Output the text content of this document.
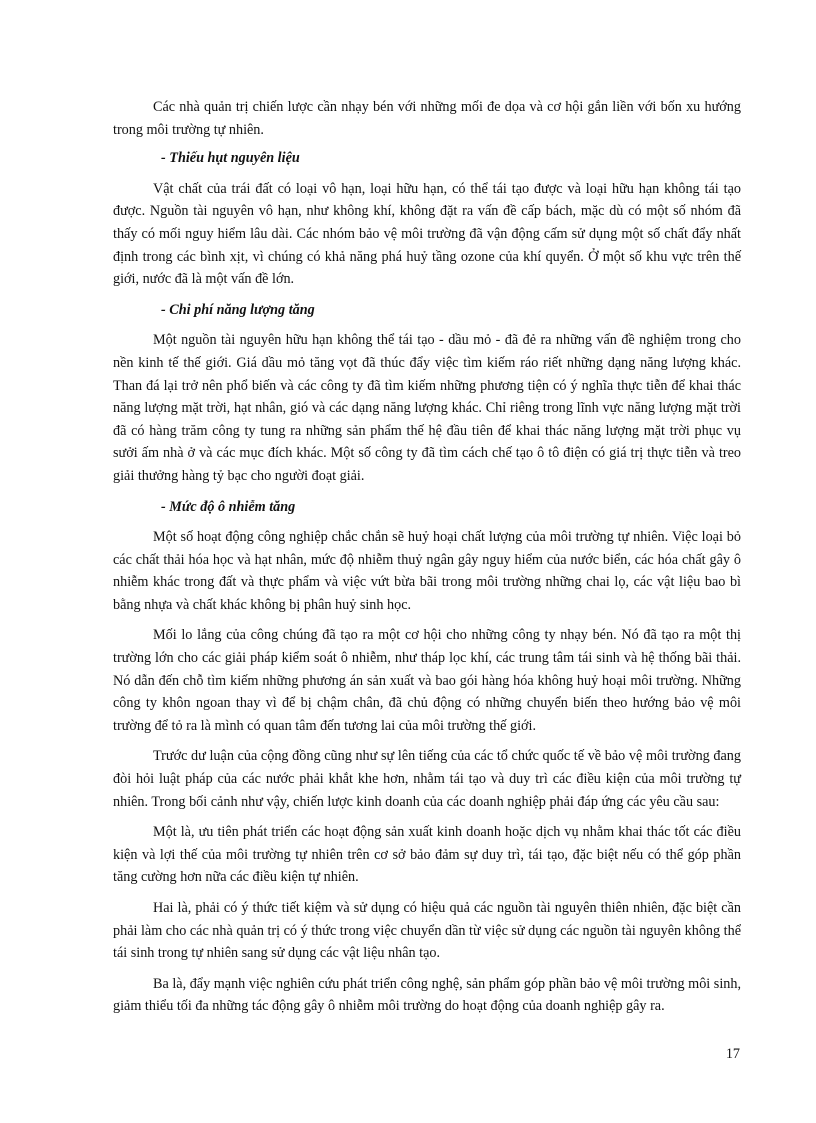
Các nhà quản trị chiến lược cần nhạy bén với những mối đe dọa và cơ hội gắn liền với bốn xu hướng trong môi trường tự nhiên.

- Thiếu hụt nguyên liệu

Vật chất của trái đất có loại vô hạn, loại hữu hạn, có thể tái tạo được và loại hữu hạn không tái tạo được. Nguồn tài nguyên vô hạn, như không khí, không đặt ra vấn đề cấp bách, mặc dù có một số nhóm đã thấy có mối nguy hiểm lâu dài. Các nhóm bảo vệ môi trường đã vận động cấm sử dụng một số chất đẩy nhất định trong các bình xịt, vì chúng có khả năng phá huỷ tầng ozone của khí quyển. Ở một số khu vực trên thế giới, nước đã là một vấn đề lớn.

- Chi phí năng lượng tăng

Một nguồn tài nguyên hữu hạn không thể tái tạo - dầu mỏ - đã đẻ ra những vấn đề nghiệm trong cho nền kinh tế thế giới. Giá dầu mỏ tăng vọt đã thúc đẩy việc tìm kiếm ráo riết những dạng năng lượng khác. Than đá lại trở nên phổ biến và các công ty đã tìm kiếm những phương tiện có ý nghĩa thực tiễn để khai thác năng lượng mặt trời, hạt nhân, gió và các dạng năng lượng khác. Chỉ riêng trong lĩnh vực năng lượng mặt trời đã có hàng trăm công ty tung ra những sản phẩm thế hệ đầu tiên để khai thác năng lượng mặt trời phục vụ sưởi ấm nhà ở và các mục đích khác. Một số công ty đã tìm cách chế tạo ô tô điện có giá trị thực tiễn và treo giải thưởng hàng tỷ bạc cho người đoạt giải.

- Mức độ ô nhiễm tăng

Một số hoạt động công nghiệp chắc chắn sẽ huỷ hoại chất lượng của môi trường tự nhiên. Việc loại bỏ các chất thải hóa học và hạt nhân, mức độ nhiễm thuỷ ngân gây nguy hiểm của nước biển, các hóa chất gây ô nhiễm khác trong đất và thực phẩm và việc vứt bừa bãi trong môi trường những chai lọ, các vật liệu bao bì bằng nhựa và chất khác không bị phân huỷ sinh học.

Mối lo lắng của công chúng đã tạo ra một cơ hội cho những công ty nhạy bén. Nó đã tạo ra một thị trường lớn cho các giải pháp kiểm soát ô nhiễm, như tháp lọc khí, các trung tâm tái sinh và hệ thống bãi thải. Nó dẫn đến chỗ tìm kiếm những phương án sản xuất và bao gói hàng hóa không huỷ hoại môi trường. Những công ty khôn ngoan thay vì để bị chậm chân, đã chủ động có những chuyển biến theo hướng bảo vệ môi trường để tỏ ra là mình có quan tâm đến tương lai của môi trường thế giới.

Trước dư luận của cộng đồng cũng như sự lên tiếng của các tổ chức quốc tế về bảo vệ môi trường đang đòi hỏi luật pháp của các nước phải khắt khe hơn, nhằm tái tạo và duy trì các điều kiện của môi trường tự nhiên. Trong bối cảnh như vậy, chiến lược kinh doanh của các doanh nghiệp phải đáp ứng các yêu cầu sau:

Một là, ưu tiên phát triển các hoạt động sản xuất kinh doanh hoặc dịch vụ nhằm khai thác tốt các điều kiện và lợi thế của môi trường tự nhiên trên cơ sở bảo đảm sự duy trì, tái tạo, đặc biệt nếu có thể góp phần tăng cường hơn nữa các điều kiện tự nhiên.

Hai là, phải có ý thức tiết kiệm và sử dụng có hiệu quả các nguồn tài nguyên thiên nhiên, đặc biệt cần phải làm cho các nhà quản trị có ý thức trong việc chuyển dần từ việc sử dụng các nguồn tài nguyên không thể tái sinh trong tự nhiên sang sử dụng các vật liệu nhân tạo.

Ba là, đẩy mạnh việc nghiên cứu phát triển công nghệ, sản phẩm góp phần bảo vệ môi trường môi sinh, giảm thiểu tối đa những tác động gây ô nhiễm môi trường do hoạt động của doanh nghiệp gây ra.

17
